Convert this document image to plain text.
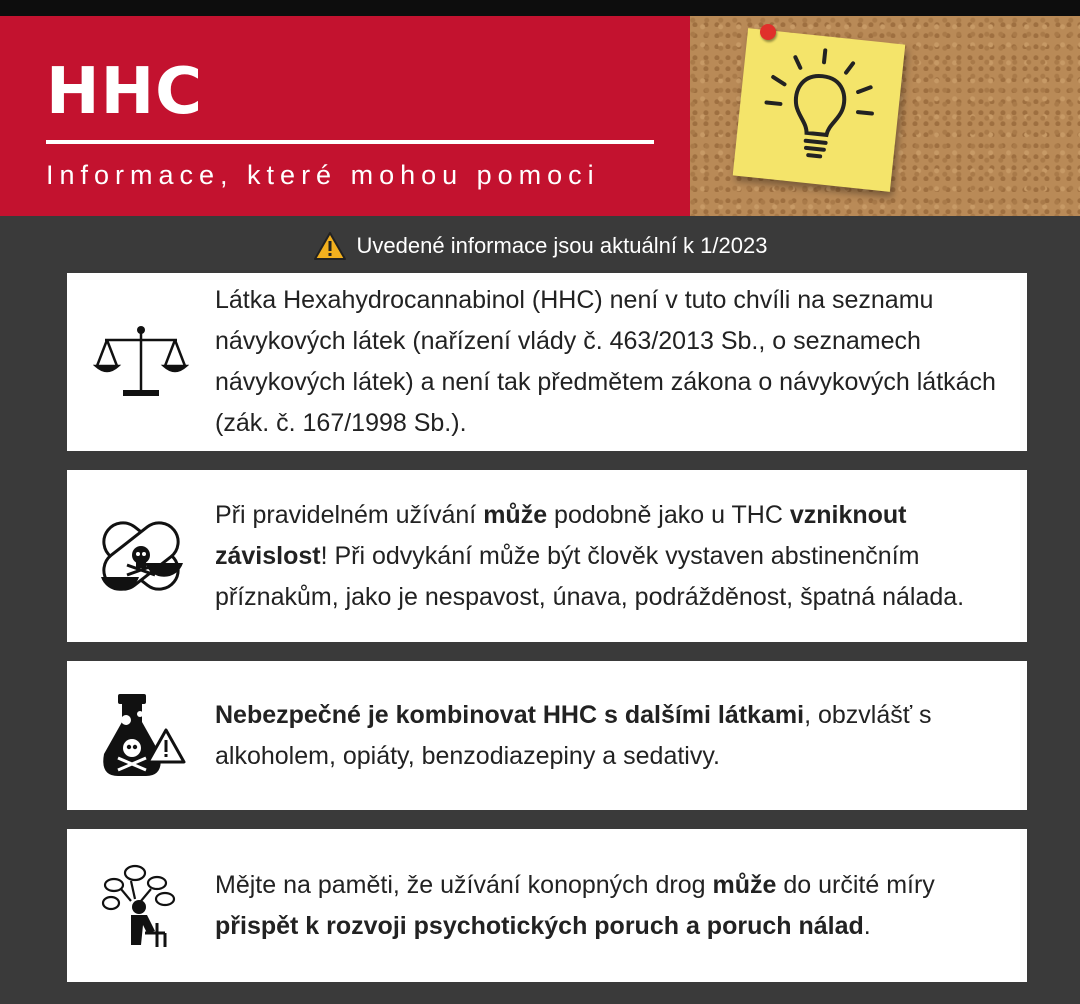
HHC
Informace, které mohou pomoci
Uvedené informace jsou aktuální k 1/2023
Látka Hexahydrocannabinol (HHC) není v tuto chvíli na seznamu návykových látek (nařízení vlády č. 463/2013 Sb., o seznamech návykových látek) a není tak předmětem zákona o návykových látkách (zák. č. 167/1998 Sb.).
Při pravidelném užívání může podobně jako u THC vzniknout závislost! Při odvykání může být člověk vystaven abstinenčním příznakům, jako je nespavost, únava, podrážděnost, špatná nálada.
Nebezpečné je kombinovat HHC s dalšími látkami, obzvlášť s alkoholem, opiáty, benzodiazepiny a sedativy.
Mějte na paměti, že užívání konopných drog může do určité míry přispět k rozvoji psychotických poruch a poruch nálad.
